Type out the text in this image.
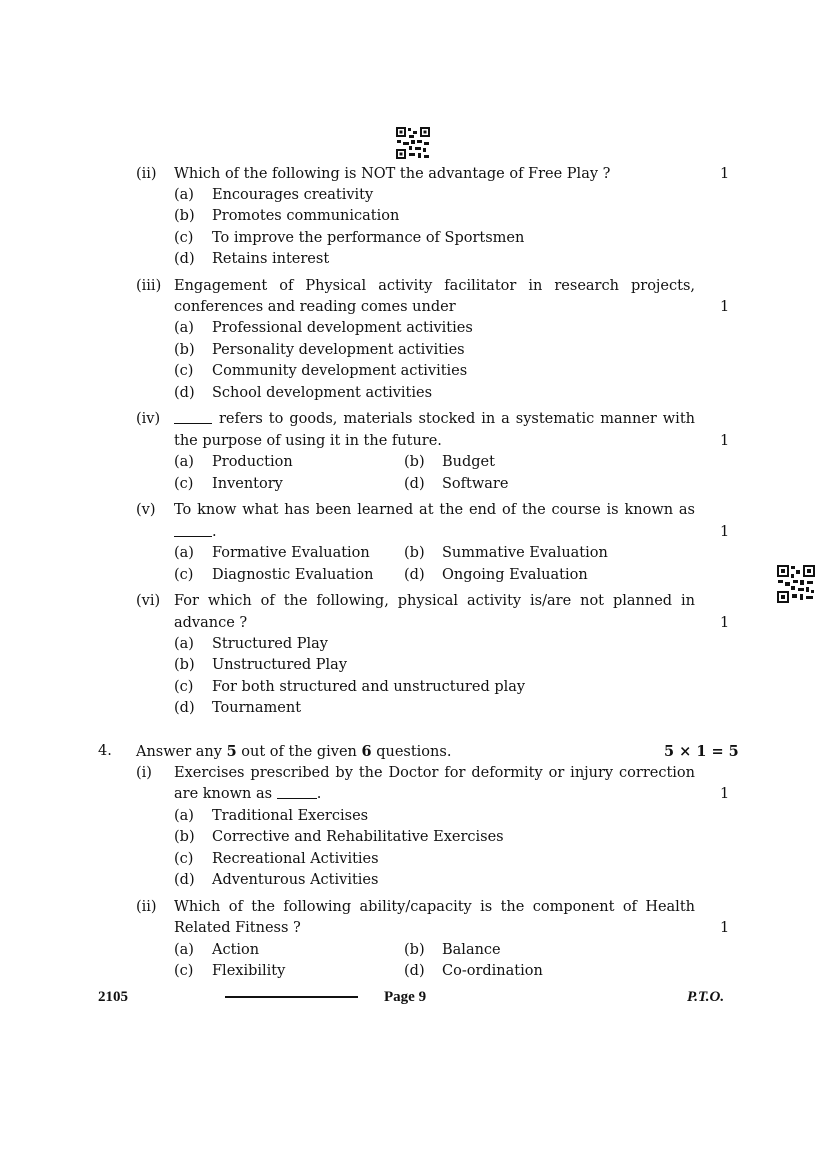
(ii) Which of the following is NOT the advantage of Free Play ?	1
(a) Encourages creativity
(b) Promotes communication
(c) To improve the performance of Sportsmen
(d) Retains interest
(iii) Engagement of Physical activity facilitator in research projects,
conferences and reading comes under	1
(a) Professional development activities
(b) Personality development activities
(c) Community development activities
(d) School development activities
(iv)	refers to goods, materials stocked in a systematic manner with
the purpose of using it in the future.	1
(a) Production	(b) Budget
(c) Inventory	(d) Software
(v) To know what has been learned at the end of the course is known as
.	1
(a) Formative Evaluation (b) Summative Evaluation
(c) Diagnostic Evaluation (d) Ongoing Evaluation
(vi) For which of the following, physical activity is/are not planned in
advance ?	1
(a) Structured Play
(b) Unstructured Play
(c) For both structured and unstructured play
(d) Tournament
4. Answer any 5 out of the given 6 questions.	5 × 1 = 5
(i) Exercises prescribed by the Doctor for deformity or injury correction
are known as	.	1
(a) Traditional Exercises
(b) Corrective and Rehabilitative Exercises
(c) Recreational Activities
(d) Adventurous Activities
(ii) Which of the following ability/capacity is the component of Health
Related Fitness ?	1
(a) Action	(b) Balance
(c) Flexibility	(d) Co-ordination
2105	Page 9	P.T.O.
